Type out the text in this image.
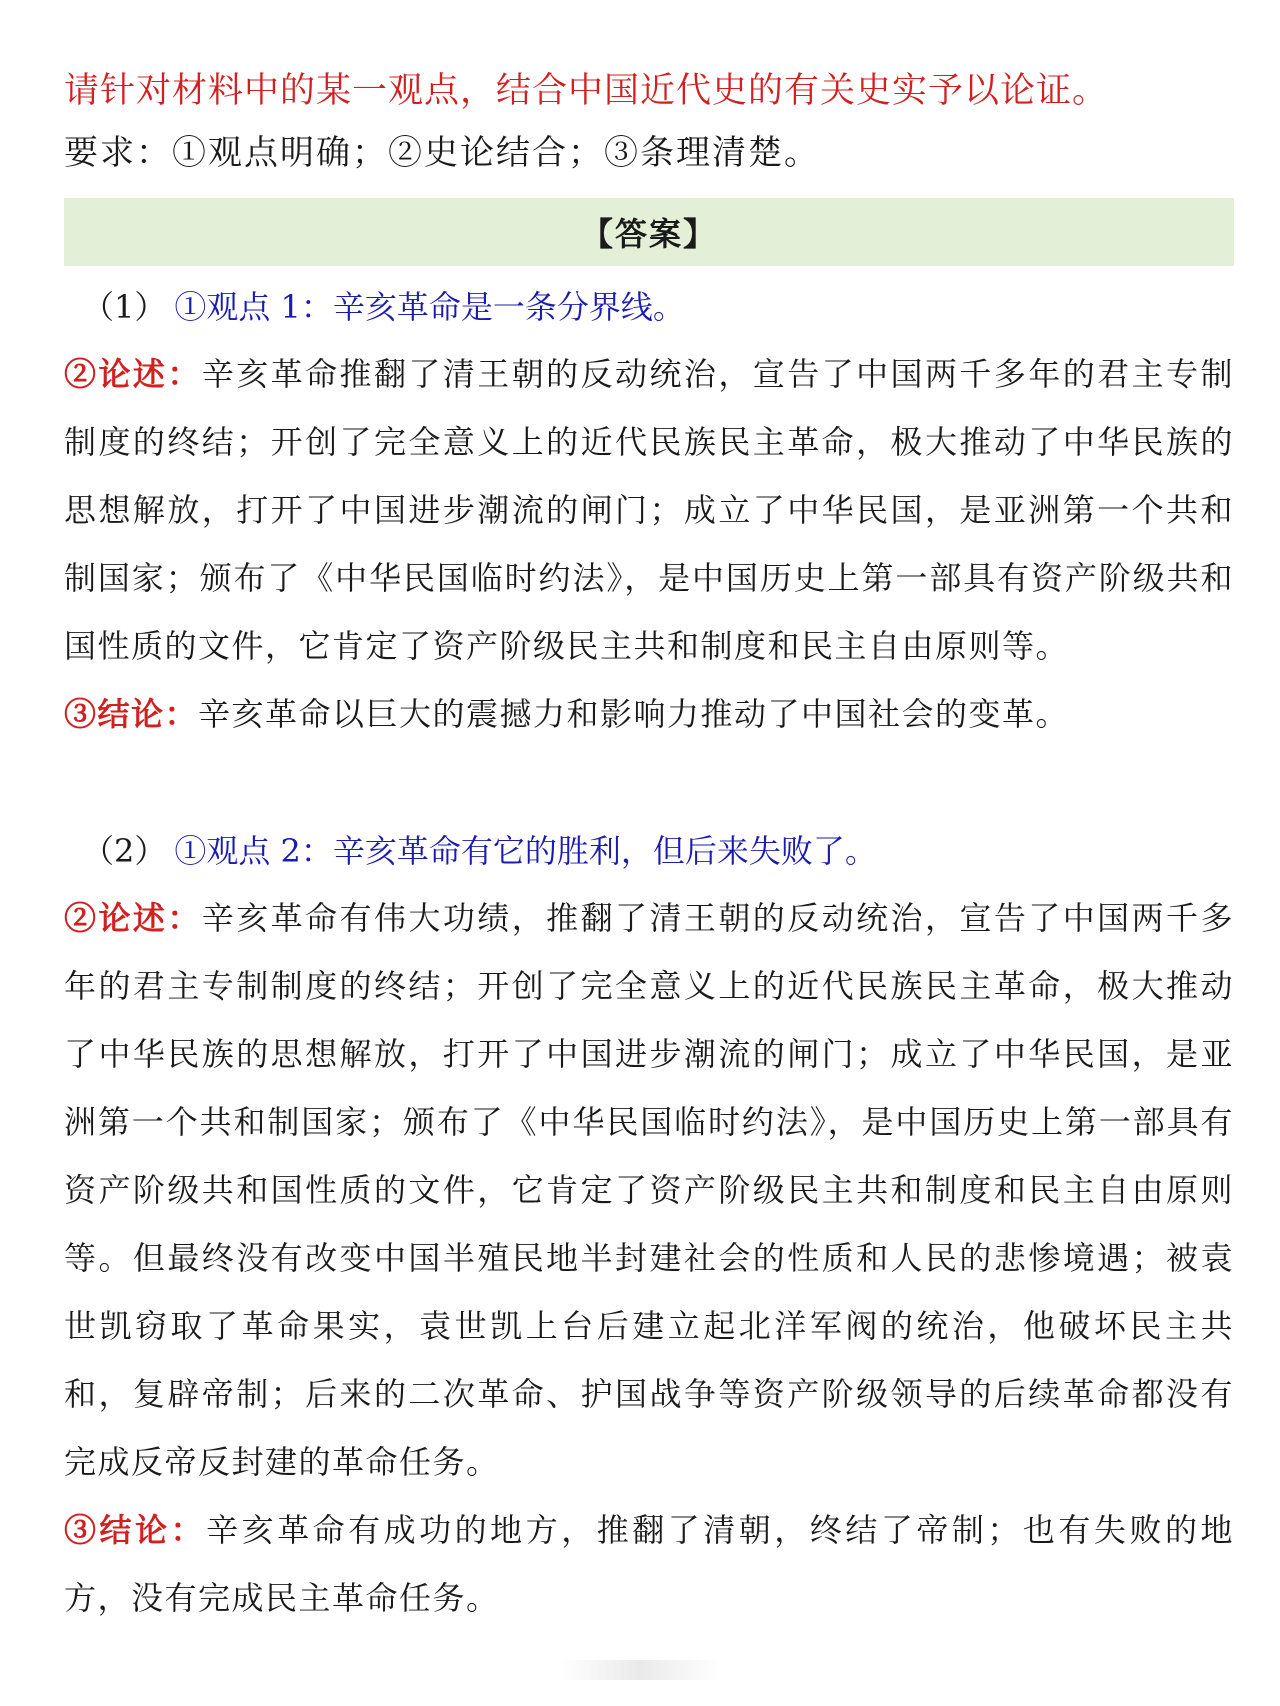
请针对材料中的某一观点，结合中国近代史的有关史实予以论证。

要求：①观点明确；②史论结合；③条理清楚。

【答案】
（1） ①观点 1：辛亥革命是一条分界线。

②论述：辛亥革命推翻了清王朝的反动统治，宣告了中国两千多年的君主专制制度的终结；开创了完全意义上的近代民族民主革命，极大推动了中华民族的思想解放，打开了中国进步潮流的闸门；成立了中华民国，是亚洲第一个共和制国家；颁布了《中华民国临时约法》，是中国历史上第一部具有资产阶级共和国性质的文件，它肯定了资产阶级民主共和制度和民主自由原则等。

③结论：辛亥革命以巨大的震撼力和影响力推动了中国社会的变革。

（2） ①观点 2：辛亥革命有它的胜利，但后来失败了。

②论述：辛亥革命有伟大功绩，推翻了清王朝的反动统治，宣告了中国两千多年的君主专制制度的终结；开创了完全意义上的近代民族民主革命，极大推动了中华民族的思想解放，打开了中国进步潮流的闸门；成立了中华民国，是亚洲第一个共和制国家；颁布了《中华民国临时约法》，是中国历史上第一部具有资产阶级共和国性质的文件，它肯定了资产阶级民主共和制度和民主自由原则等。但最终没有改变中国半殖民地半封建社会的性质和人民的悲惨境遇；被袁世凯窃取了革命果实，袁世凯上台后建立起北洋军阀的统治，他破坏民主共和，复辟帝制；后来的二次革命、护国战争等资产阶级领导的后续革命都没有完成反帝反封建的革命任务。

③结论：辛亥革命有成功的地方，推翻了清朝，终结了帝制；也有失败的地方，没有完成民主革命任务。
